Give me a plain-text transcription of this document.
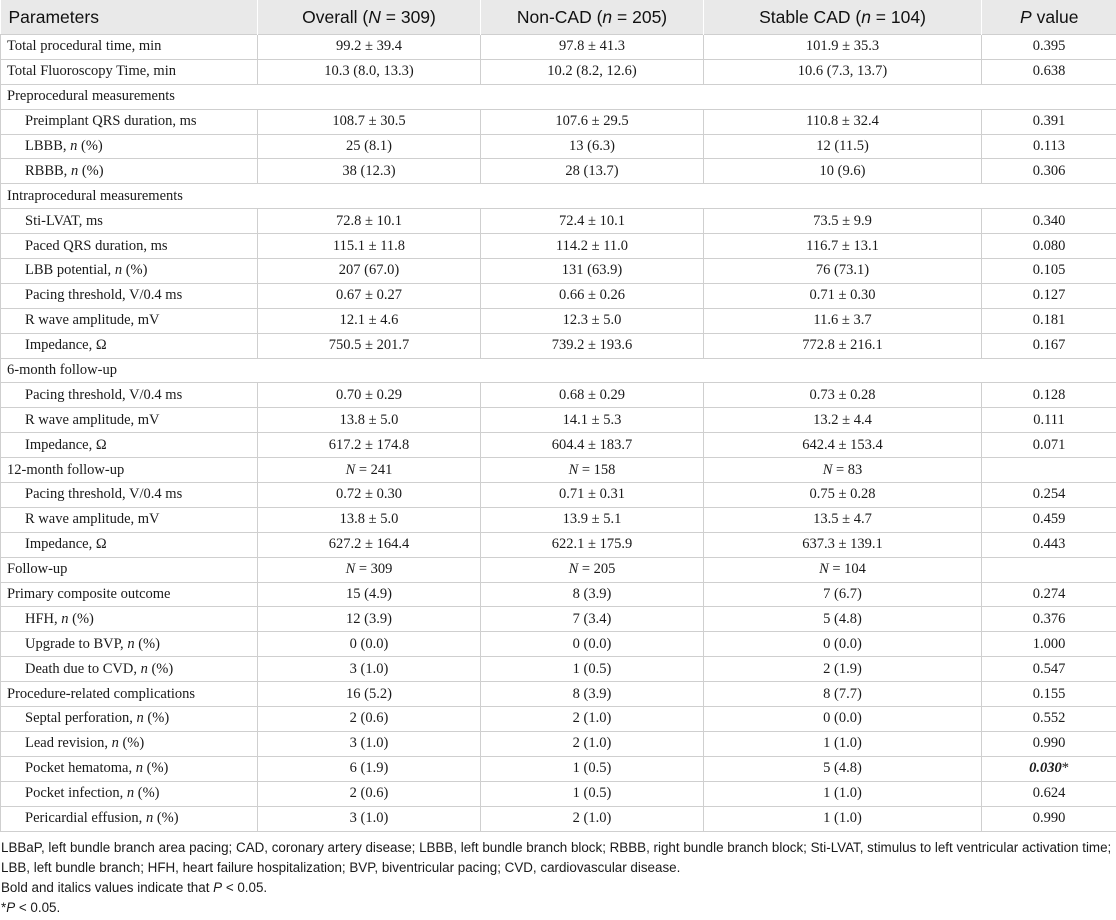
Parameters	Overall (N = 309)	Non-CAD (n = 205)	Stable CAD (n = 104)	P value
Total procedural time, min	99.2 ± 39.4	97.8 ± 41.3	101.9 ± 35.3	0.395
Total Fluoroscopy Time, min	10.3 (8.0, 13.3)	10.2 (8.2, 12.6)	10.6 (7.3, 13.7)	0.638
Preprocedural measurements				
Preimplant QRS duration, ms	108.7 ± 30.5	107.6 ± 29.5	110.8 ± 32.4	0.391
LBBB, n (%)	25 (8.1)	13 (6.3)	12 (11.5)	0.113
RBBB, n (%)	38 (12.3)	28 (13.7)	10 (9.6)	0.306
Intraprocedural measurements				
Sti-LVAT, ms	72.8 ± 10.1	72.4 ± 10.1	73.5 ± 9.9	0.340
Paced QRS duration, ms	115.1 ± 11.8	114.2 ± 11.0	116.7 ± 13.1	0.080
LBB potential, n (%)	207 (67.0)	131 (63.9)	76 (73.1)	0.105
Pacing threshold, V/0.4 ms	0.67 ± 0.27	0.66 ± 0.26	0.71 ± 0.30	0.127
R wave amplitude, mV	12.1 ± 4.6	12.3 ± 5.0	11.6 ± 3.7	0.181
Impedance, Ω	750.5 ± 201.7	739.2 ± 193.6	772.8 ± 216.1	0.167
6-month follow-up				
Pacing threshold, V/0.4 ms	0.70 ± 0.29	0.68 ± 0.29	0.73 ± 0.28	0.128
R wave amplitude, mV	13.8 ± 5.0	14.1 ± 5.3	13.2 ± 4.4	0.111
Impedance, Ω	617.2 ± 174.8	604.4 ± 183.7	642.4 ± 153.4	0.071
12-month follow-up	N = 241	N = 158	N = 83	
Pacing threshold, V/0.4 ms	0.72 ± 0.30	0.71 ± 0.31	0.75 ± 0.28	0.254
R wave amplitude, mV	13.8 ± 5.0	13.9 ± 5.1	13.5 ± 4.7	0.459
Impedance, Ω	627.2 ± 164.4	622.1 ± 175.9	637.3 ± 139.1	0.443
Follow-up	N = 309	N = 205	N = 104	
Primary composite outcome	15 (4.9)	8 (3.9)	7 (6.7)	0.274
HFH, n (%)	12 (3.9)	7 (3.4)	5 (4.8)	0.376
Upgrade to BVP, n (%)	0 (0.0)	0 (0.0)	0 (0.0)	1.000
Death due to CVD, n (%)	3 (1.0)	1 (0.5)	2 (1.9)	0.547
Procedure-related complications	16 (5.2)	8 (3.9)	8 (7.7)	0.155
Septal perforation, n (%)	2 (0.6)	2 (1.0)	0 (0.0)	0.552
Lead revision, n (%)	3 (1.0)	2 (1.0)	1 (1.0)	0.990
Pocket hematoma, n (%)	6 (1.9)	1 (0.5)	5 (4.8)	0.030*
Pocket infection, n (%)	2 (0.6)	1 (0.5)	1 (1.0)	0.624
Pericardial effusion, n (%)	3 (1.0)	2 (1.0)	1 (1.0)	0.990

LBBaP, left bundle branch area pacing; CAD, coronary artery disease; LBBB, left bundle branch block; RBBB, right bundle branch block; Sti-LVAT, stimulus to left ventricular activation time; LBB, left bundle branch; HFH, heart failure hospitalization; BVP, biventricular pacing; CVD, cardiovascular disease.

Bold and italics values indicate that P < 0.05.

*P < 0.05.
